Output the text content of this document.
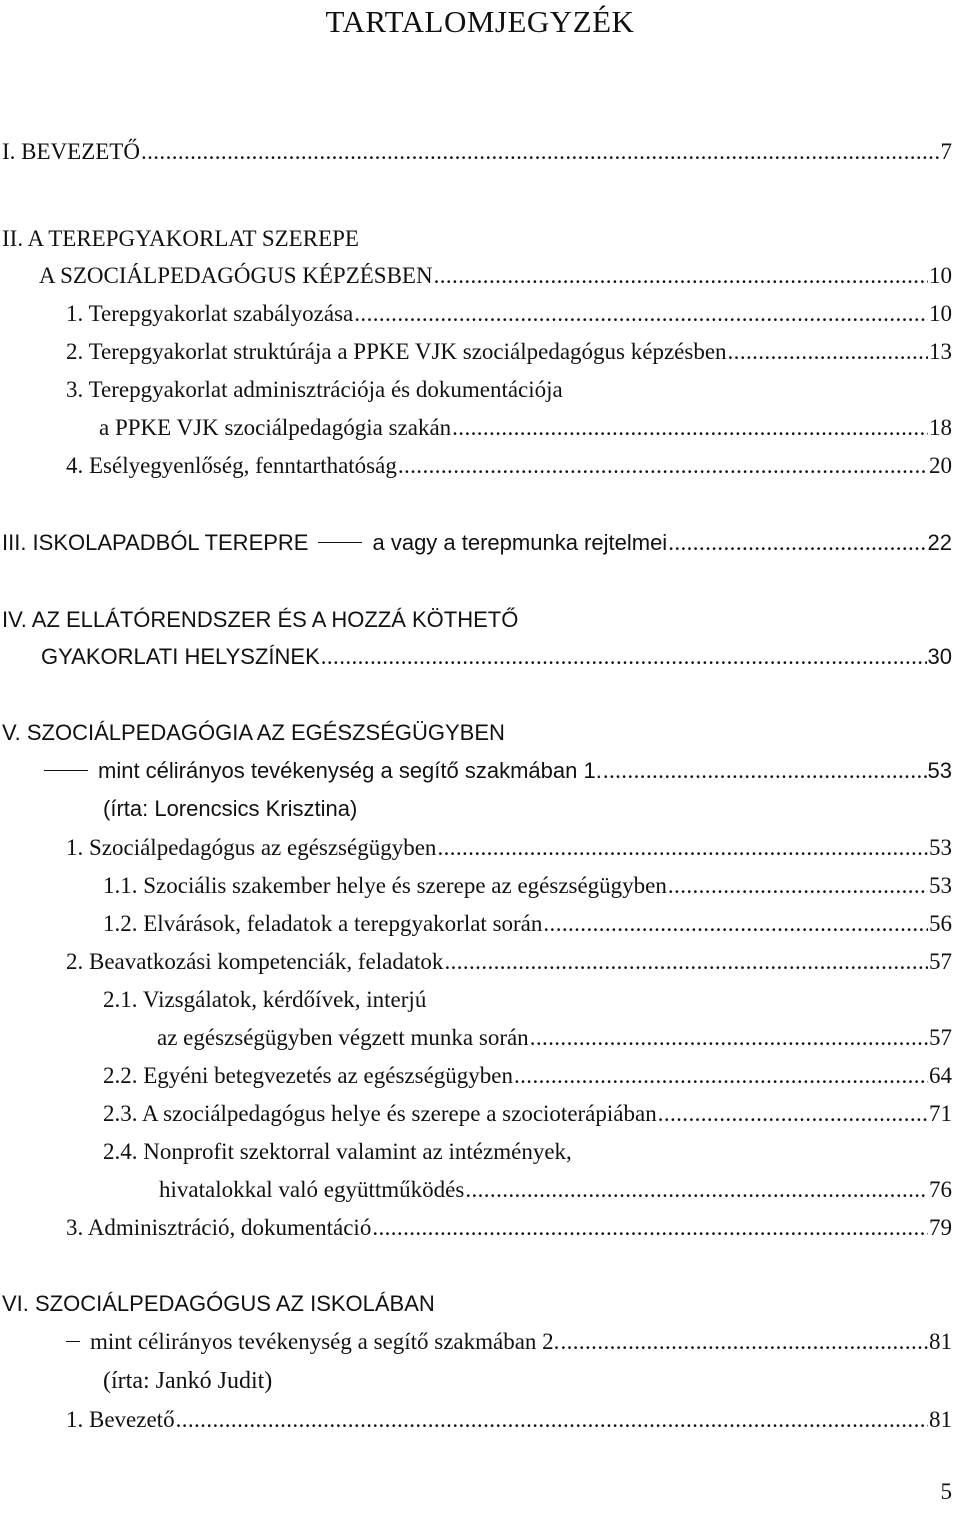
TARTALOMJEGYZÉK
I. BEVEZETŐ .....	7
II. A TEREPGYAKORLAT SZEREPE
A SZOCIÁLPEDAGÓGUS KÉPZÉSBEN .....	10
1. Terepgyakorlat szabályozása .....	10
2. Terepgyakorlat struktúrája a PPKE VJK szociálpedagógus képzésben .....	13
3. Terepgyakorlat adminisztrációja és dokumentációja
a PPKE VJK szociálpedagógia szakán .....	18
4. Esélyegyenlőség, fenntarthatóság .....	20
III. ISKOLAPADBÓL TEREPRE	a vagy a terepmunka rejtelmei .....	22
IV. AZ ELLÁTÓRENDSZER ÉS A HOZZÁ KÖTHETŐ
GYAKORLATI HELYSZÍNEK .....	30
V. SZOCIÁLPEDAGÓGIA AZ EGÉSZSÉGÜGYBEN
mint célirányos tevékenység a segítő szakmában 1. .....	53
(írta: Lorencsics Krisztina)
1. Szociálpedagógus az egészségügyben .....	53
1.1. Szociális szakember helye és szerepe az egészségügyben .....	53
1.2. Elvárások, feladatok a terepgyakorlat során .....	56
2. Beavatkozási kompetenciák, feladatok .....	57
2.1. Vizsgálatok, kérdőívek, interjú
az egészségügyben végzett munka során .....	57
2.2. Egyéni betegvezetés az egészségügyben .....	64
2.3. A szociálpedagógus helye és szerepe a szocioterápiában .....	71
2.4. Nonprofit szektorral valamint az intézmények,
hivatalokkal való együttműködés .....	76
3. Adminisztráció, dokumentáció .....	79
VI. SZOCIÁLPEDAGÓGUS AZ ISKOLÁBAN
mint célirányos tevékenység a segítő szakmában 2. .....	81
(írta: Jankó Judit)
1. Bevezető .....	81
5
